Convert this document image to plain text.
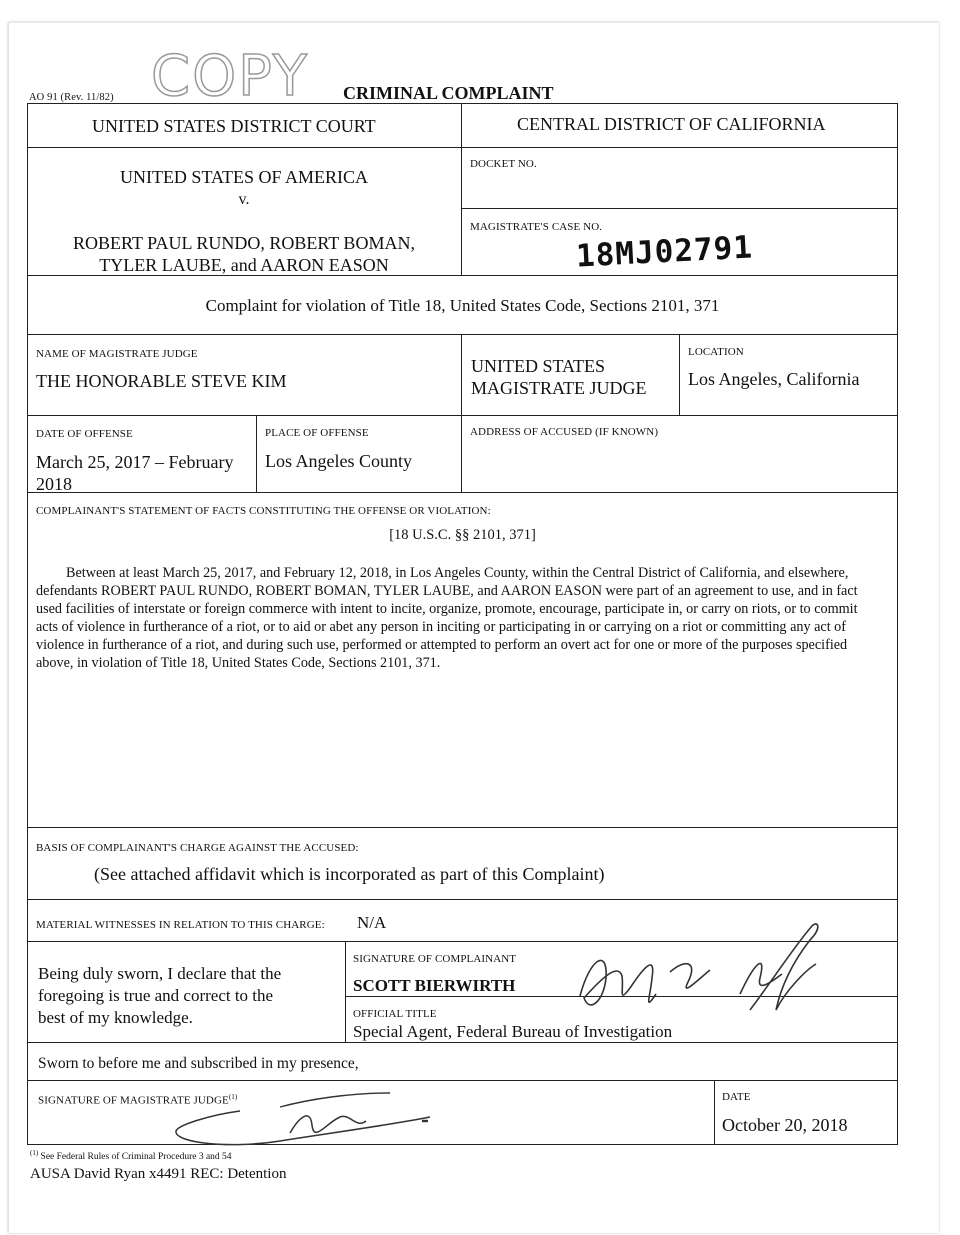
AO 91 (Rev. 11/82) COPY CRIMINAL COMPLAINT
UNITED STATES DISTRICT COURT	CENTRAL DISTRICT OF CALIFORNIA
UNITED STATES OF AMERICA
v.
ROBERT PAUL RUNDO, ROBERT BOMAN,
TYLER LAUBE, and AARON EASON
DOCKET NO.
MAGISTRATE'S CASE NO.
18MJ02791
Complaint for violation of Title 18, United States Code, Sections 2101, 371
NAME OF MAGISTRATE JUDGE
THE HONORABLE STEVE KIM
UNITED STATES
MAGISTRATE JUDGE
LOCATION
Los Angeles, California
DATE OF OFFENSE
March 25, 2017 – February
2018
PLACE OF OFFENSE
Los Angeles County
ADDRESS OF ACCUSED (IF KNOWN)
COMPLAINANT'S STATEMENT OF FACTS CONSTITUTING THE OFFENSE OR VIOLATION:
[18 U.S.C. §§ 2101, 371]
Between at least March 25, 2017, and February 12, 2018, in Los Angeles County, within the Central District of California, and elsewhere, defendants ROBERT PAUL RUNDO, ROBERT BOMAN, TYLER LAUBE, and AARON EASON were part of an agreement to use, and in fact used facilities of interstate or foreign commerce with intent to incite, organize, promote, encourage, participate in, or carry on riots, or to commit acts of violence in furtherance of a riot, or to aid or abet any person in inciting or participating in or carrying on a riot or committing any act of violence in furtherance of a riot, and during such use, performed or attempted to perform an overt act for one or more of the purposes specified above, in violation of Title 18, United States Code, Sections 2101, 371.
BASIS OF COMPLAINANT'S CHARGE AGAINST THE ACCUSED:
(See attached affidavit which is incorporated as part of this Complaint)
MATERIAL WITNESSES IN RELATION TO THIS CHARGE: N/A
Being duly sworn, I declare that the
foregoing is true and correct to the
best of my knowledge.
SIGNATURE OF COMPLAINANT
SCOTT BIERWIRTH
OFFICIAL TITLE
Special Agent, Federal Bureau of Investigation
Sworn to before me and subscribed in my presence,
SIGNATURE OF MAGISTRATE JUDGE$^{(1)}$	DATE
October 20, 2018
$^{(1)}$ See Federal Rules of Criminal Procedure 3 and 54
AUSA David Ryan x4491 REC: Detention
